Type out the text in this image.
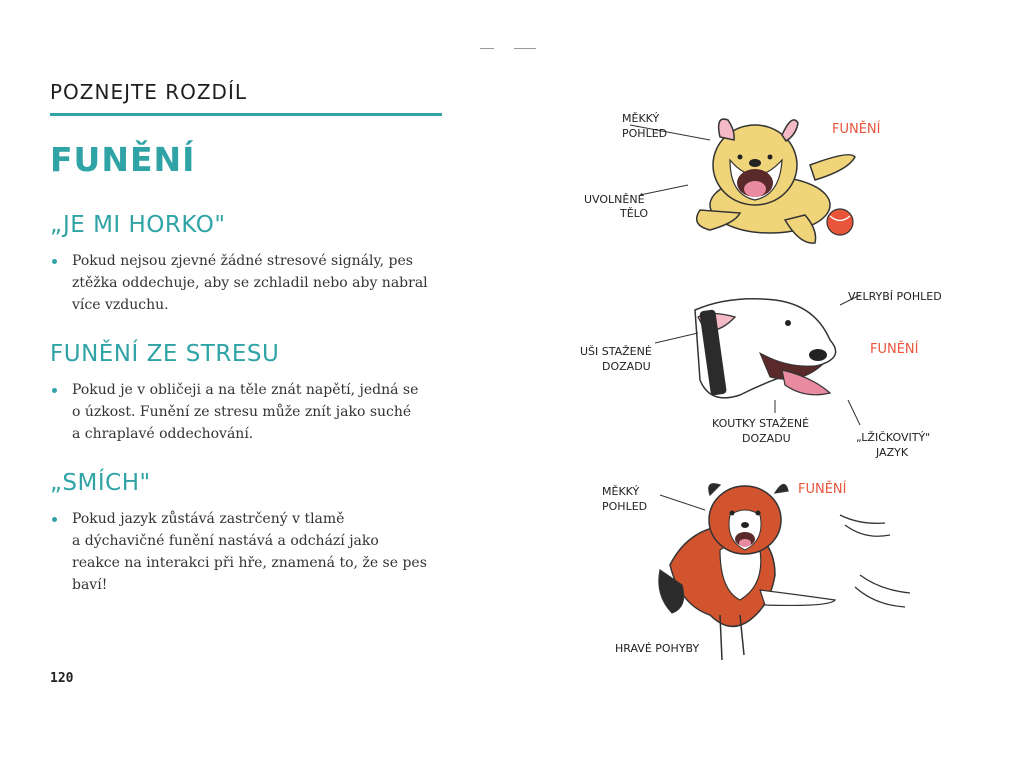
POZNEJTE ROZDÍL
FUNĚNÍ
„JE MI HORKO"

Pokud nejsou zjevné žádné stresové signály, pes
ztěžka oddechuje, aby se zchladil nebo aby nabral
více vzduchu.

FUNĚNÍ ZE STRESU

Pokud je v obličeji a na těle znát napětí, jedná se
o úzkost. Funění ze stresu může znít jako suché
a chraplavé oddechování.

„SMÍCH"

Pokud jazyk zůstává zastrčený v tlamě
a dýchavičné funění nastává a odchází jako
reakce na interakci při hře, znamená to, že se pes
baví!

120
MĚKKÝ
POHLED
UVOLNĚNÉ
TĚLO
FUNĚNÍ
UŠI STAŽENÉ
DOZADU
VELRYBÍ POHLED
FUNĚNÍ
KOUTKY STAŽENÉ
DOZADU	„LŽIČKOVITÝ"
JAZYK
MĚKKÝ
POHLED
FUNĚNÍ
HRAVÉ POHYBY
